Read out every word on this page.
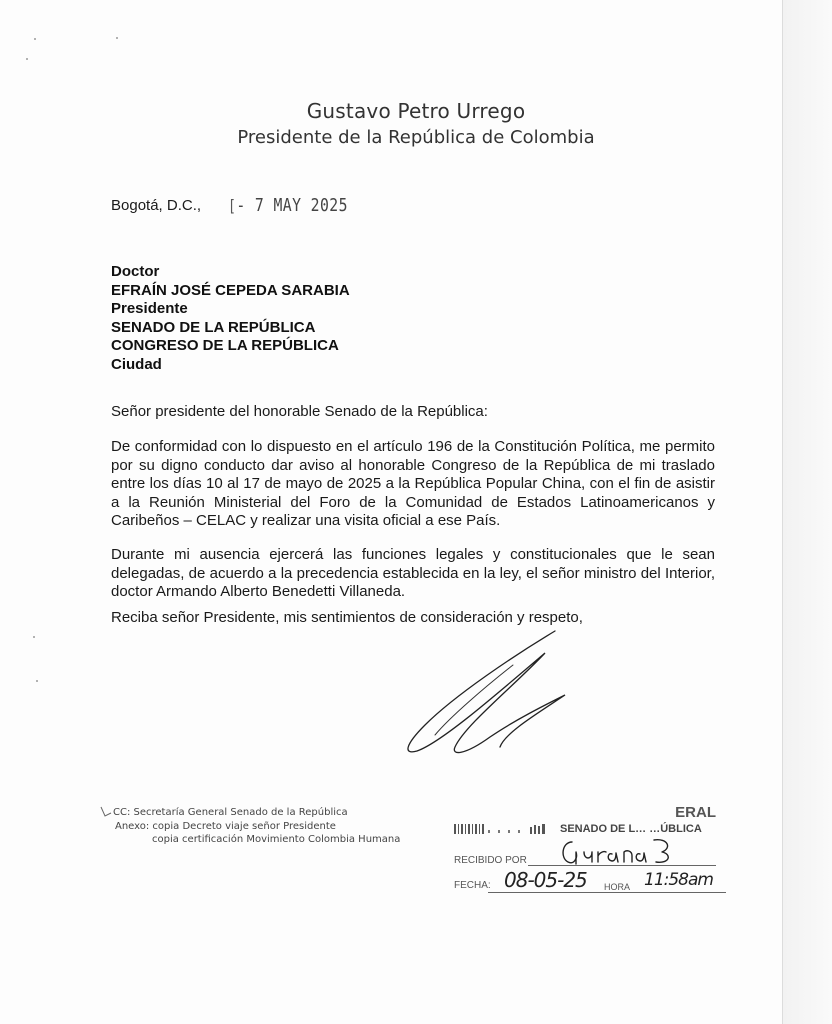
Gustavo Petro Urrego
Presidente de la República de Colombia
Bogotá, D.C., [- 7 MAY 2025
Doctor
EFRAÍN JOSÉ CEPEDA SARABIA
Presidente
SENADO DE LA REPÚBLICA
CONGRESO DE LA REPÚBLICA
Ciudad
Señor presidente del honorable Senado de la República:
De conformidad con lo dispuesto en el artículo 196 de la Constitución Política, me permito por su digno conducto dar aviso al honorable Congreso de la República de mi traslado entre los días 10 al 17 de mayo de 2025 a la República Popular China, con el fin de asistir a la Reunión Ministerial del Foro de la Comunidad de Estados Latinoamericanos y Caribeños – CELAC y realizar una visita oficial a ese País.
Durante mi ausencia ejercerá las funciones legales y constitucionales que le sean delegadas, de acuerdo a la precedencia establecida en la ley, el señor ministro del Interior, doctor Armando Alberto Benedetti Villaneda.
Reciba señor Presidente, mis sentimientos de consideración y respeto,
CC: Secretaría General Senado de la República
Anexo: copia Decreto viaje señor Presidente
copia certificación Movimiento Colombia Humana
ERAL
SENADO DE L… …ÚBLICA
RECIBIDO POR
FECHA: 08-05-25 HORA 11:58am
